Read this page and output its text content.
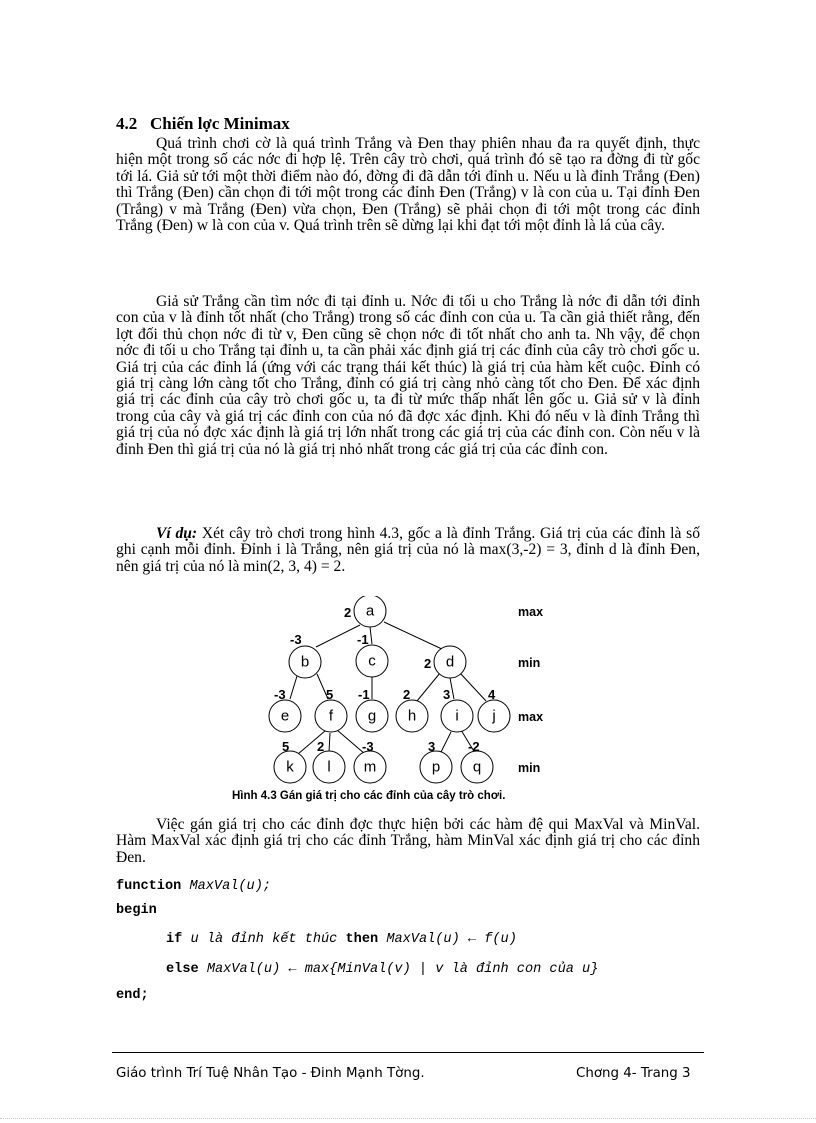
4.2 Chiến lợc Minimax

Quá trình chơi cờ là quá trình Trắng và Đen thay phiên nhau đa ra quyết định, thực hiện một trong số các nớc đi hợp lệ. Trên cây trò chơi, quá trình đó sẽ tạo ra đờng đi từ gốc tới lá. Giả sử tới một thời điểm nào đó, đờng đi đã dẫn tới đỉnh u. Nếu u là đỉnh Trắng (Đen) thì Trắng (Đen) cần chọn đi tới một trong các đỉnh Đen (Trắng) v là con của u. Tại đỉnh Đen (Trắng) v mà Trắng (Đen) vừa chọn, Đen (Trắng) sẽ phải chọn đi tới một trong các đỉnh Trắng (Đen) w là con của v. Quá trình trên sẽ dừng lại khi đạt tới một đỉnh là lá của cây.

Giả sử Trắng cần tìm nớc đi tại đỉnh u. Nớc đi tối u cho Trắng là nớc đi dẫn tới đỉnh con của v là đỉnh tốt nhất (cho Trắng) trong số các đỉnh con của u. Ta cần giả thiết rằng, đến lợt đối thủ chọn nớc đi từ v, Đen cũng sẽ chọn nớc đi tốt nhất cho anh ta. Nh vậy, để chọn nớc đi tối u cho Trắng tại đỉnh u, ta cần phải xác định giá trị các đỉnh của cây trò chơi gốc u. Giá trị của các đỉnh lá (ứng với các trạng thái kết thúc) là giá trị của hàm kết cuộc. Đỉnh có giá trị càng lớn càng tốt cho Trắng, đỉnh có giá trị càng nhỏ càng tốt cho Đen. Để xác định giá trị các đỉnh của cây trò chơi gốc u, ta đi từ mức thấp nhất lên gốc u. Giả sử v là đỉnh trong của cây và giá trị các đỉnh con của nó đã đợc xác định. Khi đó nếu v là đỉnh Trắng thì giá trị của nó đợc xác định là giá trị lớn nhất trong các giá trị của các đỉnh con. Còn nếu v là đỉnh Đen thì giá trị của nó là giá trị nhỏ nhất trong các giá trị của các đỉnh con.

Ví dụ: Xét cây trò chơi trong hình 4.3, gốc a là đỉnh Trắng. Giá trị của các đỉnh là số ghi cạnh mỗi đỉnh. Đỉnh i là Trắng, nên giá trị của nó là max(3,-2) = 3, đỉnh d là đỉnh Đen, nên giá trị của nó là min(2, 3, 4) = 2.

a
b	c	d
e	f g h	i j
k l m	p q
2
-3	-1
2
-3	5 -1	2	3	4
5 2	-3	3	-2
max
min
max
min
Hình 4.3 Gán giá trị cho các đỉnh của cây trò chơi.

Việc gán giá trị cho các đỉnh đợc thực hiện bởi các hàm đệ qui MaxVal và MinVal. Hàm MaxVal xác định giá trị cho các đỉnh Trắng, hàm MinVal xác định giá trị cho các đỉnh Đen.

function MaxVal(u);
begin
if u là đỉnh kết thúc then MaxVal(u) ← f(u)
else MaxVal(u) ← max{MinVal(v) | v là đỉnh con của u}
end;
Giáo trình Trí Tuệ Nhân Tạo - Đinh Mạnh Tờng.	Chơng 4- Trang 3
